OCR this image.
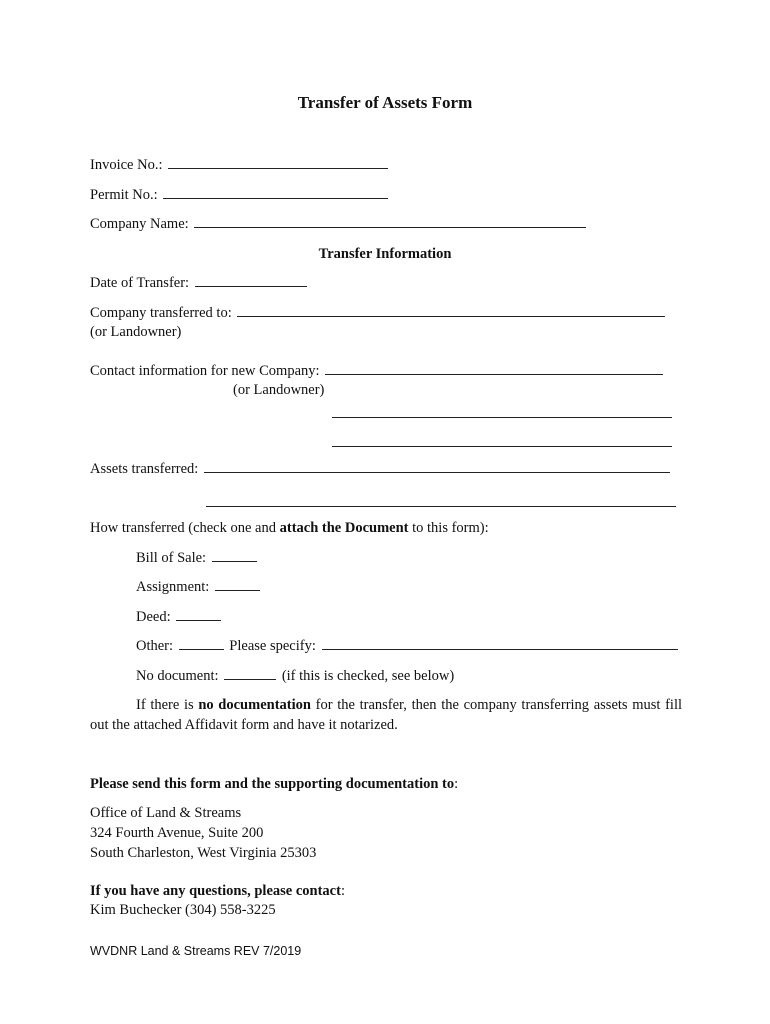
Transfer of Assets Form
Invoice No.:
Permit No.:
Company Name:
Transfer Information
Date of Transfer:
Company transferred to:
(or Landowner)
Contact information for new Company:
(or Landowner)
Assets transferred:
How transferred (check one and attach the Document to this form):
Bill of Sale:
Assignment:
Deed:
Other:	Please specify:
No document:	(if this is checked, see below)
If there is no documentation for the transfer, then the company transferring assets must fill out the attached Affidavit form and have it notarized.
Please send this form and the supporting documentation to:
Office of Land & Streams
324 Fourth Avenue, Suite 200
South Charleston, West Virginia 25303
If you have any questions, please contact:
Kim Buchecker (304) 558-3225
WVDNR Land & Streams REV 7/2019
